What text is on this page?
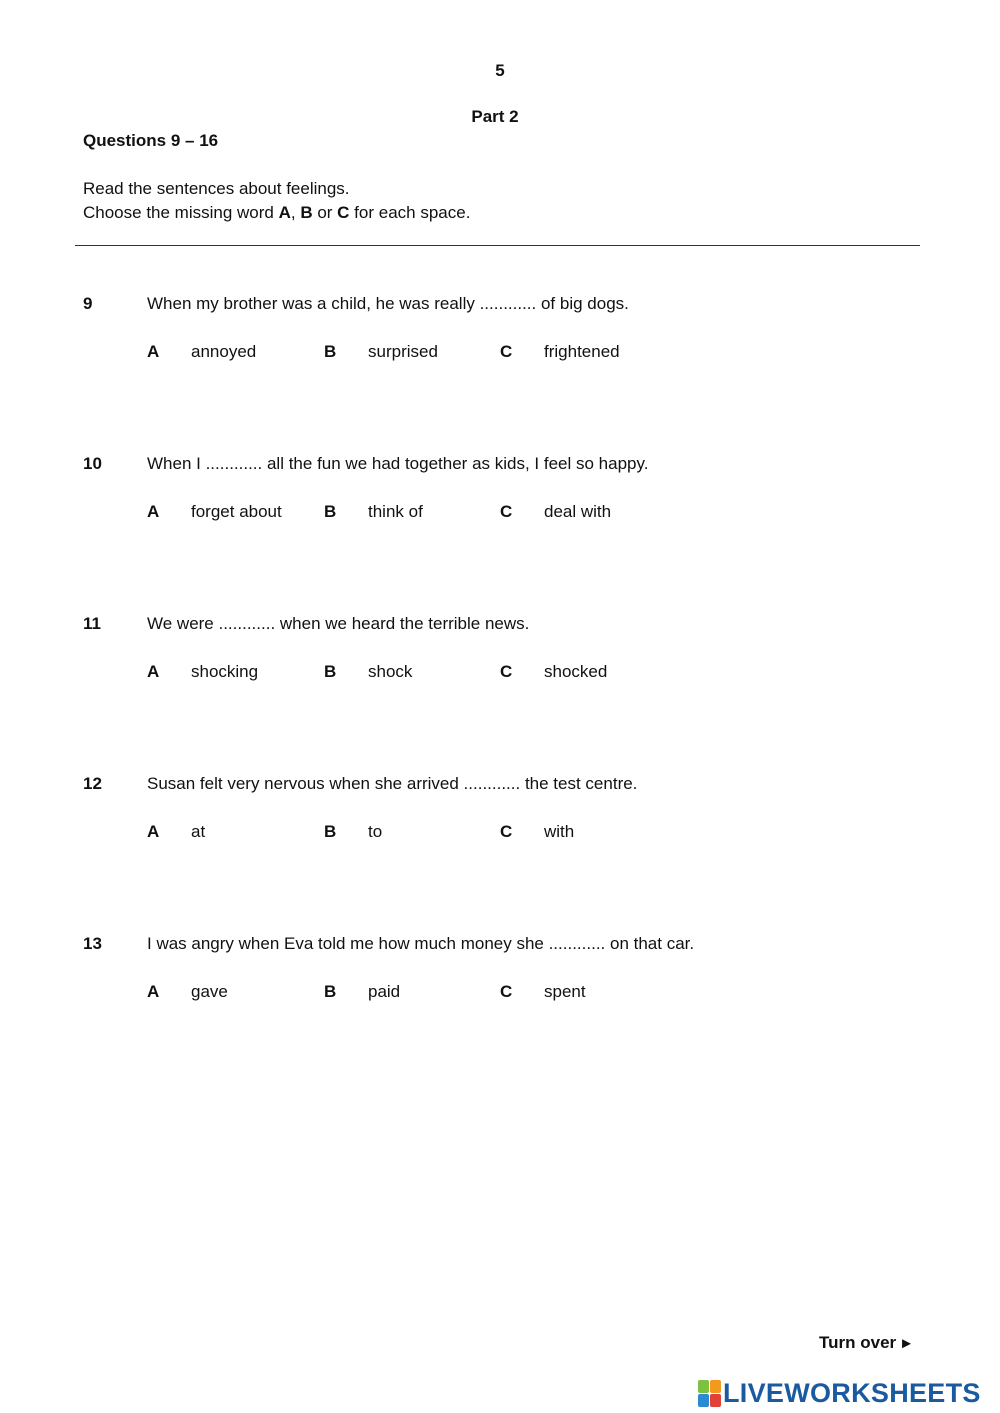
5
Part 2
Questions 9 – 16
Read the sentences about feelings.
Choose the missing word A, B or C for each space.
9	When my brother was a child, he was really ............ of big dogs.
A annoyed	B surprised	C frightened
10	When I ............ all the fun we had together as kids, I feel so happy.
A forget about B think of	C deal with
11	We were ............ when we heard the terrible news.
A shocking	B shock	C shocked
12	Susan felt very nervous when she arrived ............ the test centre.
A at	B to	C with
13	I was angry when Eva told me how much money she ............ on that car.
A gave	B paid	C spent
Turn over ►
LIVEWORKSHEETS
